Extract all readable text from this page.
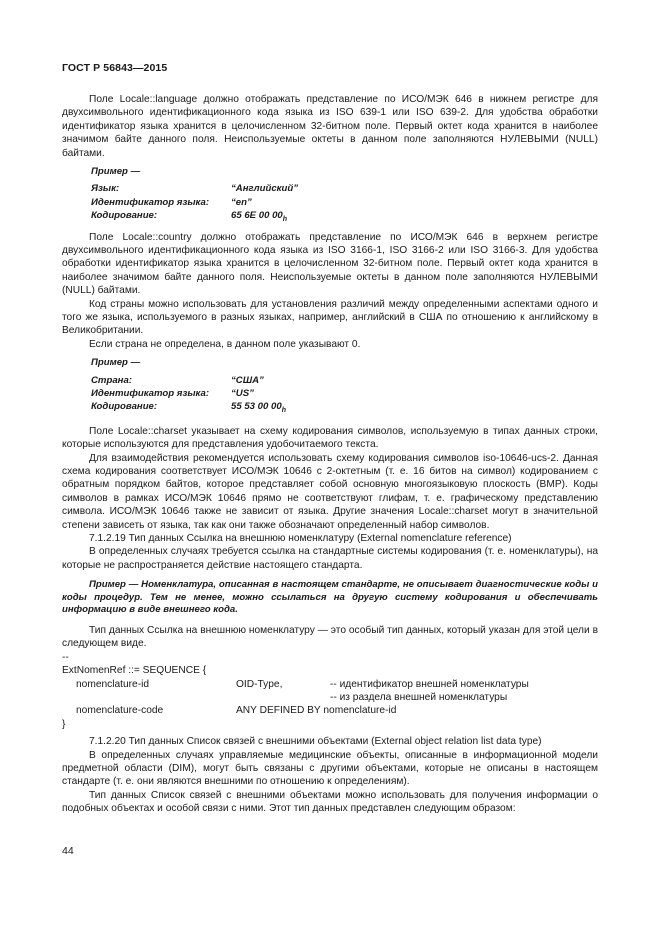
ГОСТ Р 56843—2015

Поле Locale::language должно отображать представление по ИСО/МЭК 646 в нижнем регистре для двухсимвольного идентификационного кода языка из ISO 639-1 или ISO 639-2. Для удобства обработки идентификатор языка хранится в целочисленном 32-битном поле. Первый октет кода хранится в наиболее значимом байте данного поля. Неиспользуемые октеты в данном поле заполняются НУЛЕВЫМИ (NULL) байтами.

Пример —
Язык:	“Английский”
Идентификатор языка:	“en”
Кодирование:	65 6E 00 $00_h$

Поле Locale::country должно отображать представление по ИСО/МЭК 646 в верхнем регистре двухсимвольного идентификационного кода языка из ISO 3166-1, ISO 3166-2 или ISO 3166-3. Для удобства обработки идентификатор языка хранится в целочисленном 32-битном поле. Первый октет кода хранится в наиболее значимом байте данного поля. Неиспользуемые октеты в данном поле заполняются НУЛЕВЫМИ (NULL) байтами.

Код страны можно использовать для установления различий между определенными аспектами одного и того же языка, используемого в разных языках, например, английский в США по отношению к английскому в Великобритании.

Если страна не определена, в данном поле указывают 0.

Пример —
Страна:	“США”
Идентификатор языка:	“US”
Кодирование:	55 53 00 $00_h$

Поле Locale::charset указывает на схему кодирования символов, используемую в типах данных строки, которые используются для представления удобочитаемого текста.

Для взаимодействия рекомендуется использовать схему кодирования символов iso-10646-ucs-2. Данная схема кодирования соответствует ИСО/МЭК 10646 с 2-октетным (т. е. 16 битов на символ) кодированием с обратным порядком байтов, которое представляет собой основную многоязыковую плоскость (BMP). Коды символов в рамках ИСО/МЭК 10646 прямо не соответствуют глифам, т. е. графическому представлению символа. ИСО/МЭК 10646 также не зависит от языка. Другие значения Locale::charset могут в значительной степени зависеть от языка, так как они также обозначают определенный набор символов.

7.1.2.19 Тип данных Ссылка на внешнюю номенклатуру (External nomenclature reference)

В определенных случаях требуется ссылка на стандартные системы кодирования (т. е. номенклатуры), на которые не распространяется действие настоящего стандарта.

Пример — Номенклатура, описанная в настоящем стандарте, не описывает диагностические коды и коды процедур. Тем не менее, можно ссылаться на другую систему кодирования и обеспечивать информацию в виде внешнего кода.

Тип данных Ссылка на внешнюю номенклатуру — это особый тип данных, который указан для этой цели в следующем виде.

--
ExtNomenRef ::= SEQUENCE {
nomenclature-id	OID-Type,	-- идентификатор внешней номенклатуры
-- из раздела внешней номенклатуры
nomenclature-code	ANY DEFINED BY nomenclature-id
}

7.1.2.20 Тип данных Список связей с внешними объектами (External object relation list data type)

В определенных случаях управляемые медицинские объекты, описанные в информационной модели предметной области (DIM), могут быть связаны с другими объектами, которые не описаны в настоящем стандарте (т. е. они являются внешними по отношению к определениям).

Тип данных Список связей с внешними объектами можно использовать для получения информации о подобных объектах и особой связи с ними. Этот тип данных представлен следующим образом:

44
